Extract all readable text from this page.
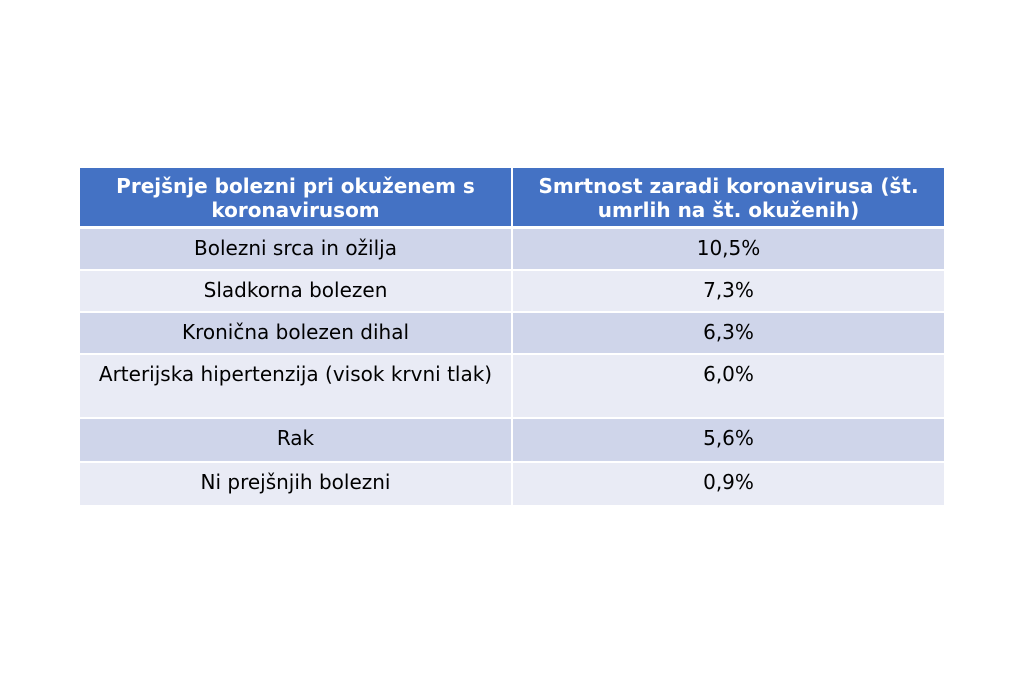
Prejšnje bolezni pri okuženem s koronavirusom	Smrtnost zaradi koronavirusa (št. umrlih na št. okuženih)
Bolezni srca in ožilja	10,5%
Sladkorna bolezen	7,3%
Kronična bolezen dihal	6,3%
Arterijska hipertenzija (visok krvni tlak)	6,0%
Rak	5,6%
Ni prejšnjih bolezni	0,9%
